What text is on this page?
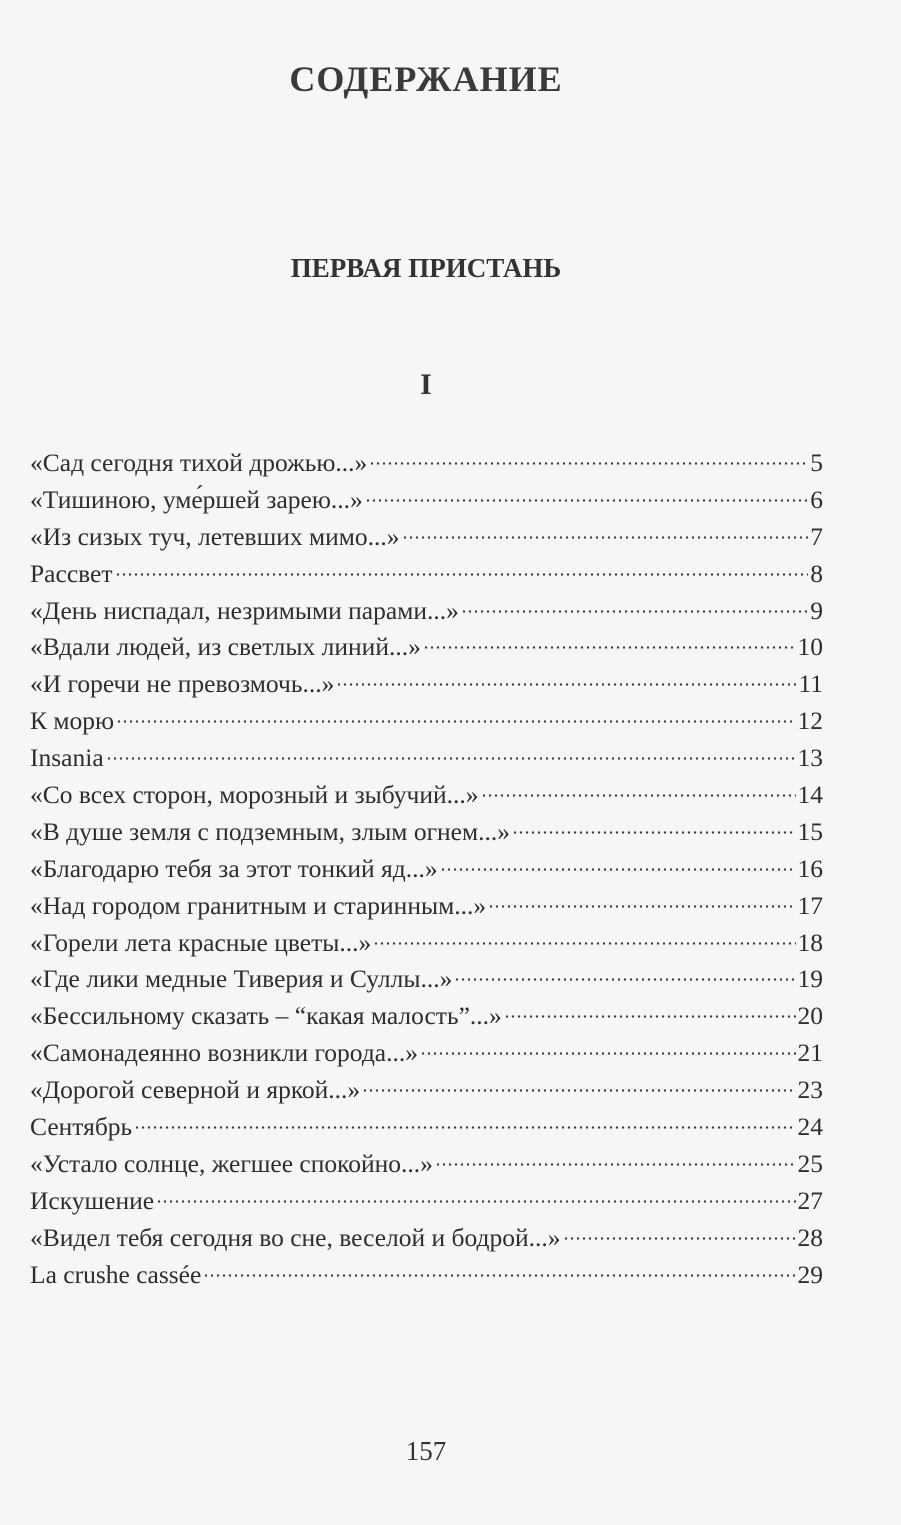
СОДЕРЖАНИЕ
ПЕРВАЯ ПРИСТАНЬ
I
«Сад сегодня тихой дрожью...»	5
«Тишиною, уме́ршей зарею...»	6
«Из сизых туч, летевших мимо...»	7
Рассвет	8
«День ниспадал, незримыми парами...»	9
«Вдали людей, из светлых линий...»	10
«И горечи не превозмочь...»	11
К морю	12
Insania	13
«Со всех сторон, морозный и зыбучий...»	14
«В душе земля с подземным, злым огнем...»	15
«Благодарю тебя за этот тонкий яд...»	16
«Над городом гранитным и старинным...»	17
«Горели лета красные цветы...»	18
«Где лики медные Тиверия и Суллы...»	19
«Бессильному сказать – “какая малость”...»	20
«Самонадеянно возникли города...»	21
«Дорогой северной и яркой...»	23
Сентябрь	24
«Устало солнце, жегшее спокойно...»	25
Искушение	27
«Видел тебя сегодня во сне, веселой и бодрой...»	28
La crushe cassée	29
157
